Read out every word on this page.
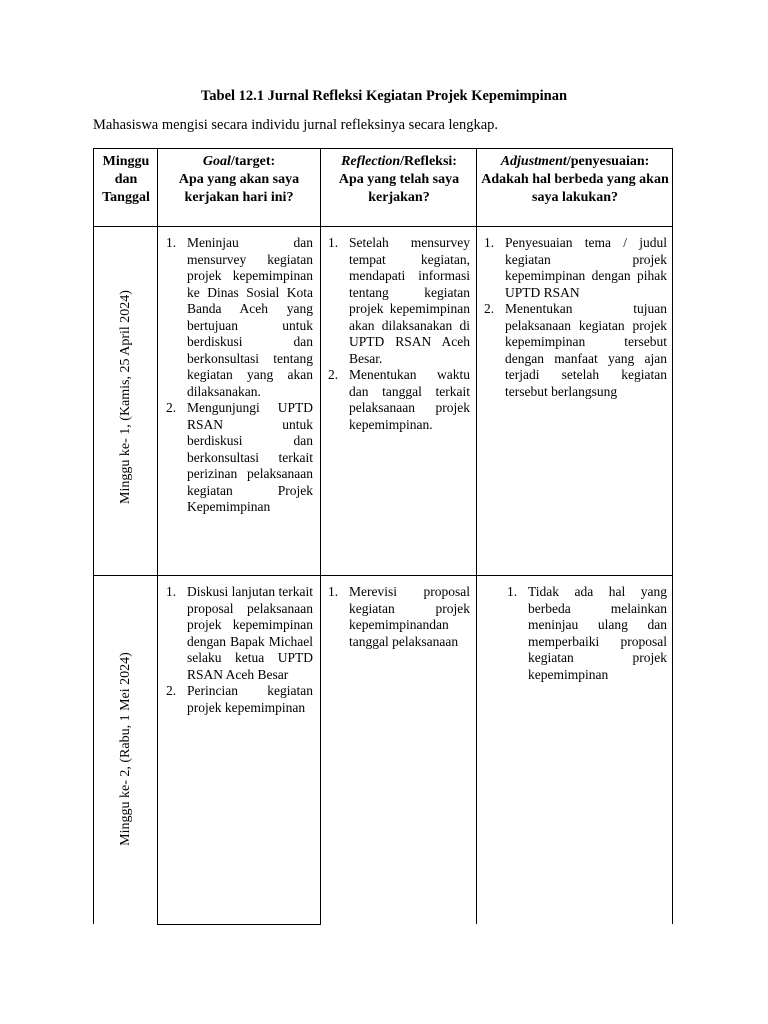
Tabel 12.1 Jurnal Refleksi Kegiatan Projek Kepemimpinan
Mahasiswa mengisi secara individu jurnal refleksinya secara lengkap.
Minggu dan Tanggal
Goal/target:
Apa yang akan saya kerjakan hari ini?
Reflection/Refleksi:
Apa yang telah saya kerjakan?
Adjustment/penyesuaian:
Adakah hal berbeda yang akan saya lakukan?
Minggu ke- 1, (Kamis, 25 April 2024)
1. Meninjau dan mensurvey kegiatan projek kepemimpinan ke Dinas Sosial Kota Banda Aceh yang bertujuan untuk berdiskusi dan berkonsultasi tentang kegiatan yang akan dilaksanakan.
2. Mengunjungi UPTD RSAN untuk berdiskusi dan berkonsultasi terkait perizinan pelaksanaan kegiatan Projek Kepemimpinan
1. Setelah mensurvey tempat kegiatan, mendapati informasi tentang kegiatan projek kepemimpinan akan dilaksanakan di UPTD RSAN Aceh Besar.
2. Menentukan waktu dan tanggal terkait pelaksanaan projek kepemimpinan.
1. Penyesuaian tema / judul kegiatan projek kepemimpinan dengan pihak UPTD RSAN
2. Menentukan tujuan pelaksanaan kegiatan projek kepemimpinan tersebut dengan manfaat yang ajan terjadi setelah kegiatan tersebut berlangsung
Minggu ke- 2, (Rabu, 1 Mei 2024)
1. Diskusi lanjutan terkait proposal pelaksanaan projek kepemimpinan dengan Bapak Michael selaku ketua UPTD RSAN Aceh Besar
2. Perincian kegiatan projek kepemimpinan
1. Merevisi proposal kegiatan projek kepemimpinandan tanggal pelaksanaan
1. Tidak ada hal yang berbeda melainkan meninjau ulang dan memperbaiki proposal kegiatan projek kepemimpinan
